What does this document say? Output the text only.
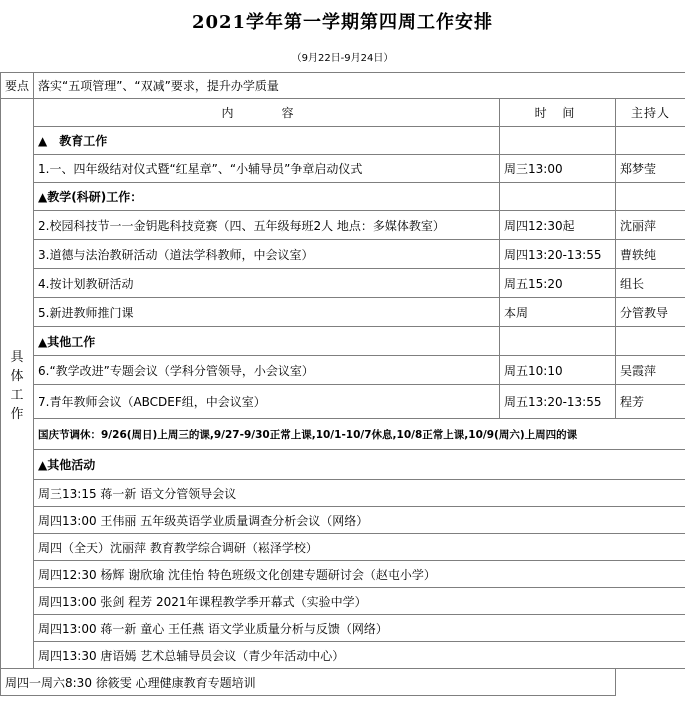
2021学年第一学期第四周工作安排
（9月22日-9月24日）
要点	落实“五项管理”、“双减”要求，提升办学质量		

具
体
工
作	内　容	时 间	主持人
	▲　教育工作		
	1.一、四年级结对仪式暨“红星章”、“小辅导员”争章启动仪式	周三13:00	郑梦莹
	▲教学(科研)工作：		
	2.校园科技节一一金钥匙科技竞赛（四、五年级每班2人 地点：多媒体教室）	周四12:30起	沈丽萍
	3.道德与法治教研活动（道法学科教师，中会议室）	周四13:20-13:55	曹轶纯
	4.按计划教研活动	周五15:20	组长
	5.新进教师推门课	本周	分管教导
	▲其他工作		
	6.“教学改进”专题会议（学科分管领导，小会议室）	周五10:10	吴霞萍
	7.青年教师会议（ABCDEF组，中会议室）	周五13:20-13:55	程芳
	国庆节调休：9/26(周日)上周三的课,9/27-9/30正常上课,10/1-10/7休息,10/8正常上课,10/9(周六)上周四的课		
	▲其他活动		
	周三13:15 蒋一新 语文分管领导会议		
	周四13:00 王伟丽 五年级英语学业质量调查分析会议（网络）		
	周四（全天）沈丽萍 教育教学综合调研（崧泽学校）		
	周四12:30 杨辉 谢欣瑜 沈佳怡 特色班级文化创建专题研讨会（赵屯小学）		
	周四13:00 张剑 程芳 2021年课程教学季开幕式（实验中学）		
	周四13:00 蒋一新 童心 王任燕 语文学业质量分析与反馈（网络）		
	周四13:30 唐语嫣 艺术总辅导员会议（青少年活动中心）		
周四一周六8:30 徐筱雯 心理健康教育专题培训			
